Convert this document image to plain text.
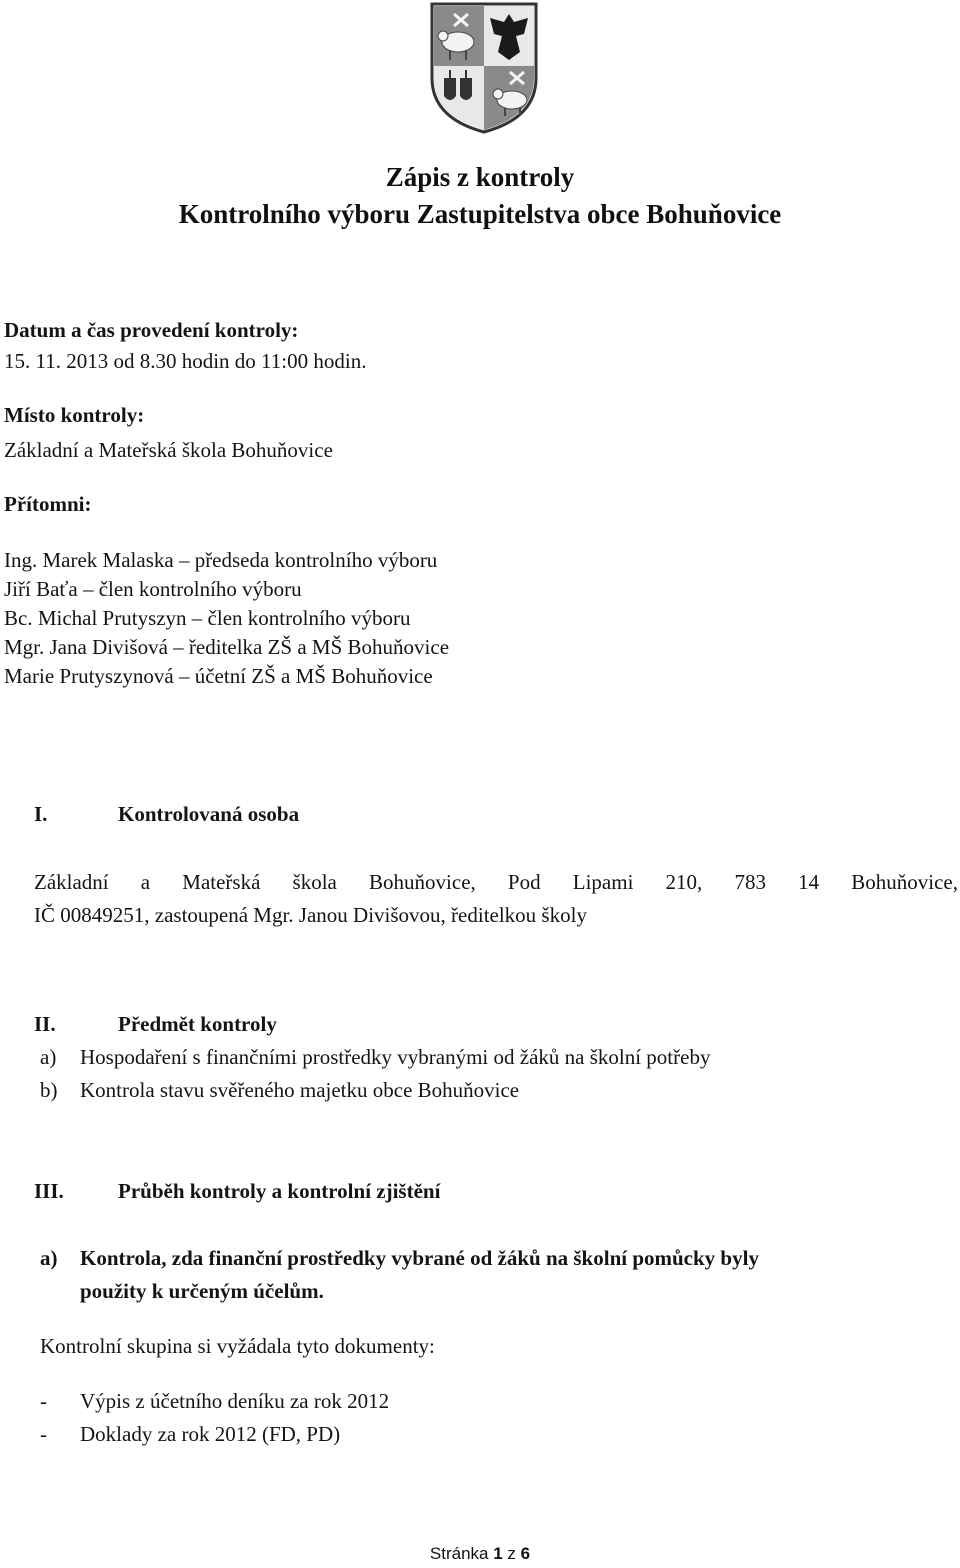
Zápis z kontroly
Kontrolního výboru Zastupitelstva obce Bohuňovice
Datum a čas provedení kontroly:
15. 11. 2013 od 8.30 hodin do 11:00 hodin.
Místo kontroly:
Základní a Mateřská škola Bohuňovice
Přítomni:
Ing. Marek Malaska – předseda kontrolního výboru
Jiří Baťa – člen kontrolního výboru
Bc. Michal Prutyszyn – člen kontrolního výboru
Mgr. Jana Divišová – ředitelka ZŠ a MŠ Bohuňovice
Marie Prutyszynová – účetní ZŠ a MŠ Bohuňovice
I.	Kontrolovaná osoba
Základní a Mateřská škola Bohuňovice, Pod Lipami 210, 783 14 Bohuňovice,
IČ 00849251, zastoupená Mgr. Janou Divišovou, ředitelkou školy
II.	Předmět kontroly
a) Hospodaření s finančními prostředky vybranými od žáků na školní potřeby
b) Kontrola stavu svěřeného majetku obce Bohuňovice
III.	Průběh kontroly a kontrolní zjištění
a) Kontrola, zda finanční prostředky vybrané od žáků na školní pomůcky byly
použity k určeným účelům.
Kontrolní skupina si vyžádala tyto dokumenty:
- Výpis z účetního deníku za rok 2012
- Doklady za rok 2012 (FD, PD)
Stránka 1 z 6
